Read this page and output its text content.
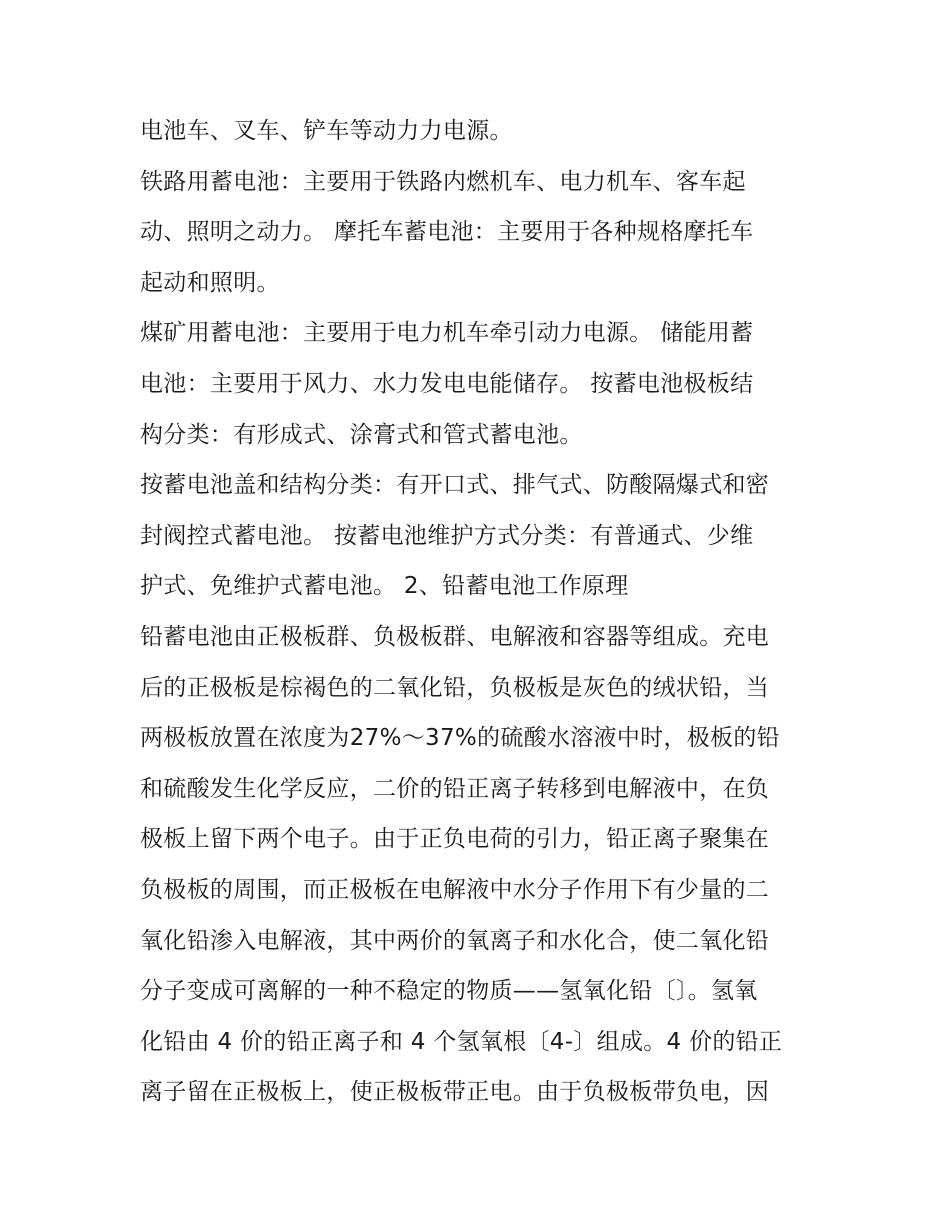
电池车、叉车、铲车等动力力电源。
铁路用蓄电池：主要用于铁路内燃机车、电力机车、客车起
动、照明之动力。 摩托车蓄电池：主要用于各种规格摩托车
起动和照明。
煤矿用蓄电池：主要用于电力机车牵引动力电源。 储能用蓄
电池：主要用于风力、水力发电电能储存。 按蓄电池极板结
构分类：有形成式、涂膏式和管式蓄电池。
按蓄电池盖和结构分类：有开口式、排气式、防酸隔爆式和密
封阀控式蓄电池。 按蓄电池维护方式分类：有普通式、少维
护式、免维护式蓄电池。 2、铅蓄电池工作原理
铅蓄电池由正极板群、负极板群、电解液和容器等组成。充电
后的正极板是棕褐色的二氧化铅，负极板是灰色的绒状铅，当
两极板放置在浓度为27%～37%的硫酸水溶液中时，极板的铅
和硫酸发生化学反应，二价的铅正离子转移到电解液中，在负
极板上留下两个电子。由于正负电荷的引力，铅正离子聚集在
负极板的周围，而正极板在电解液中水分子作用下有少量的二
氧化铅渗入电解液，其中两价的氧离子和水化合，使二氧化铅
分子变成可离解的一种不稳定的物质——氢氧化铅〔〕。氢氧
化铅由 4 价的铅正离子和 4 个氢氧根〔4-〕组成。4 价的铅正
离子留在正极板上，使正极板带正电。由于负极板带负电，因
